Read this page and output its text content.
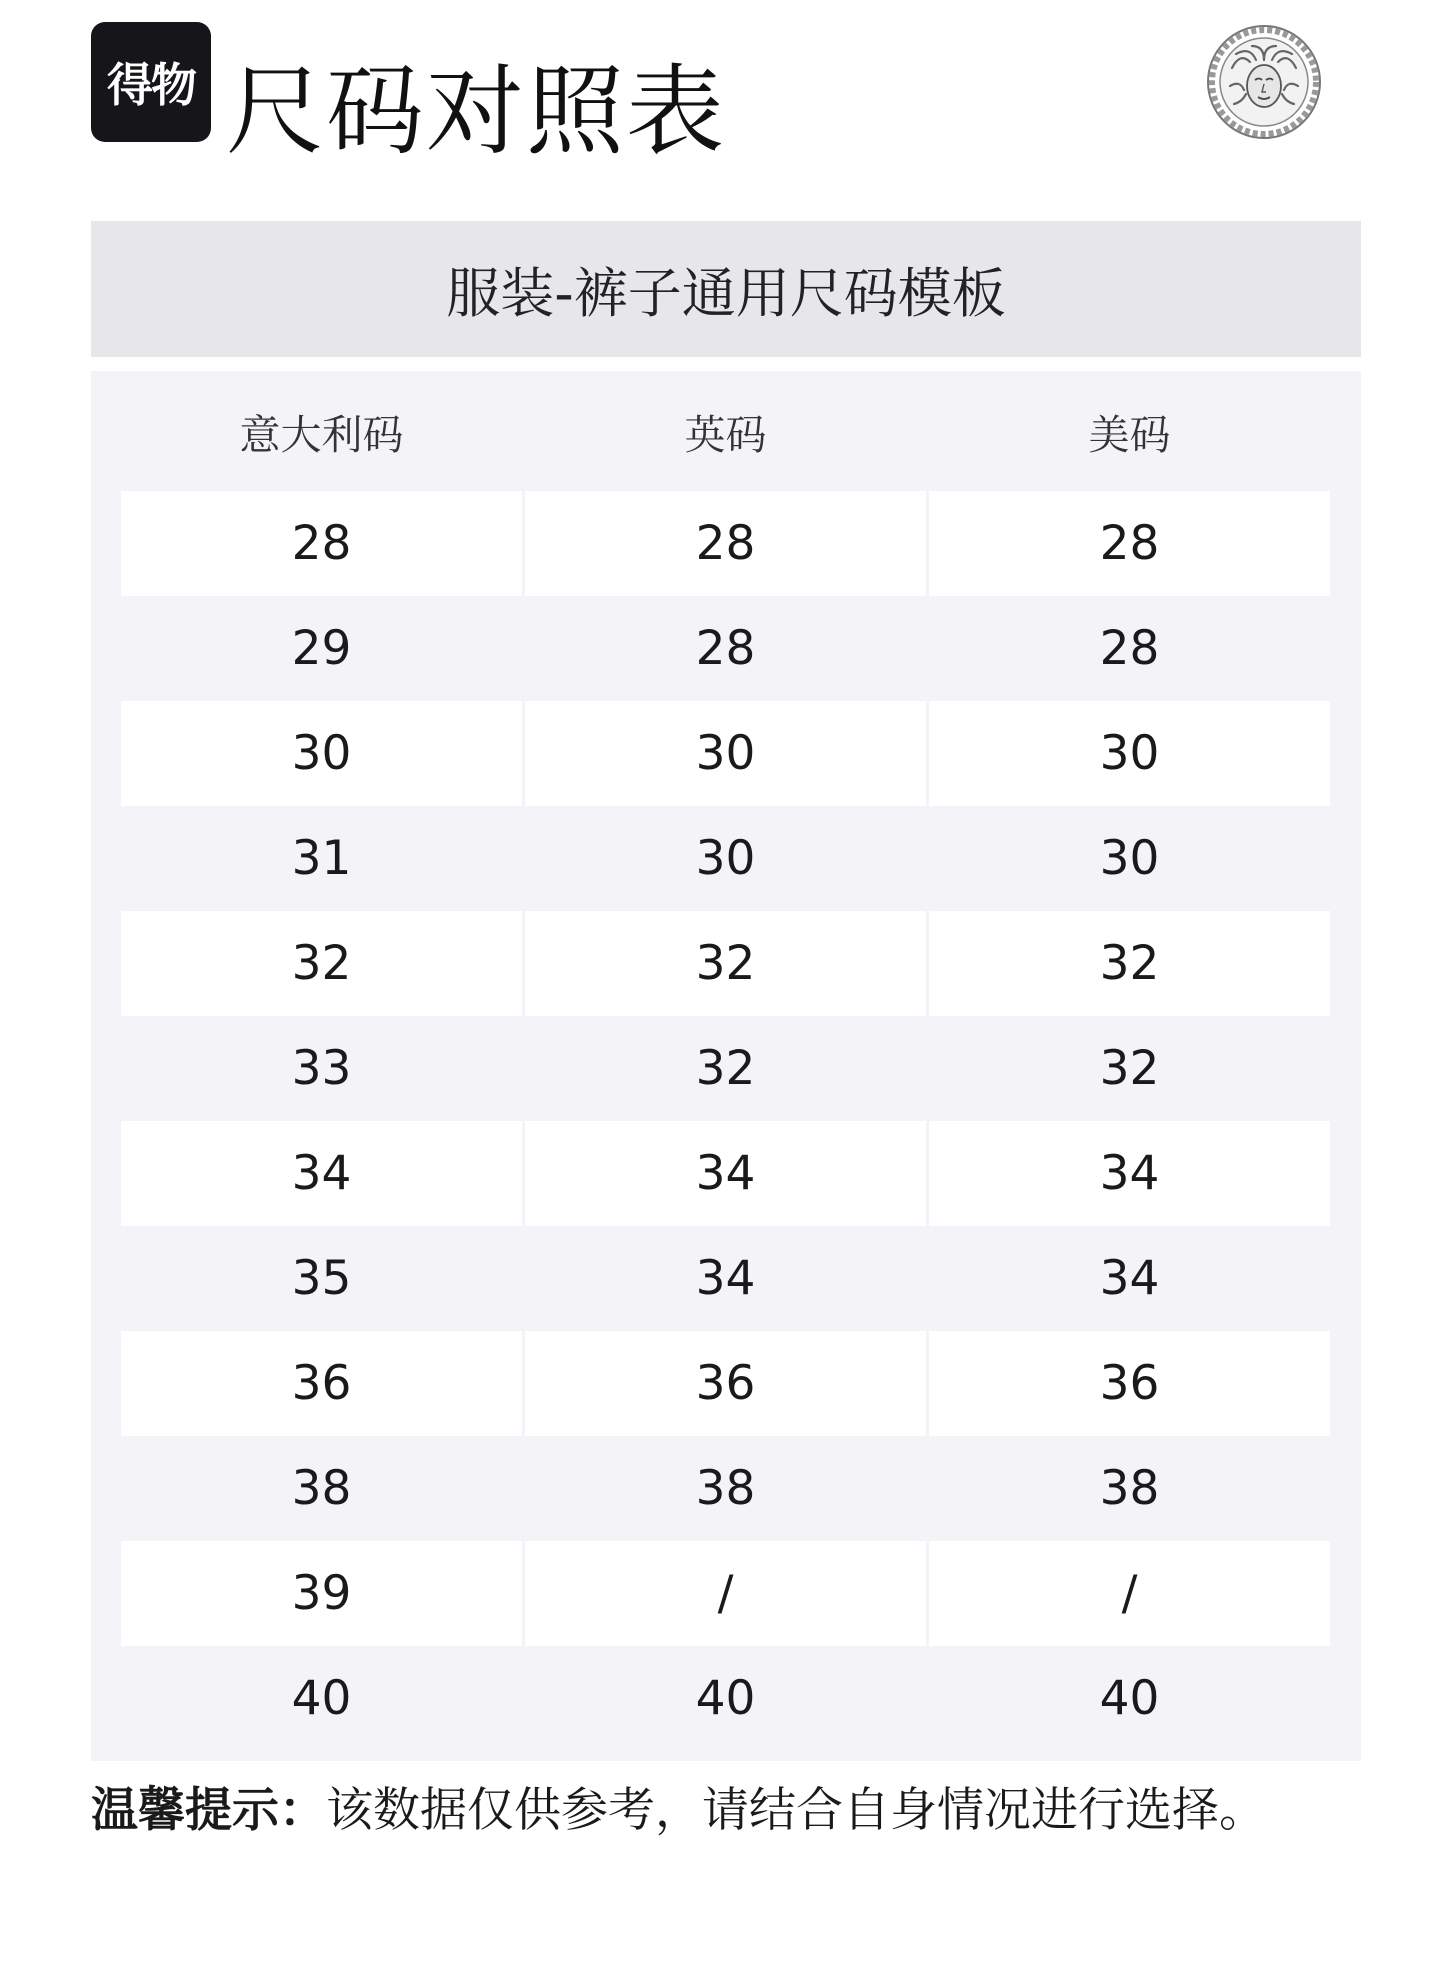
得物 尺码对照表
服装-裤子通用尺码模板
意大利码	英码	美码
28	28	28
29	28	28
30	30	30
31	30	30
32	32	32
33	32	32
34	34	34
35	34	34
36	36	36
38	38	38
39	/	/
40	40	40
温馨提示：该数据仅供参考，请结合自身情况进行选择。
